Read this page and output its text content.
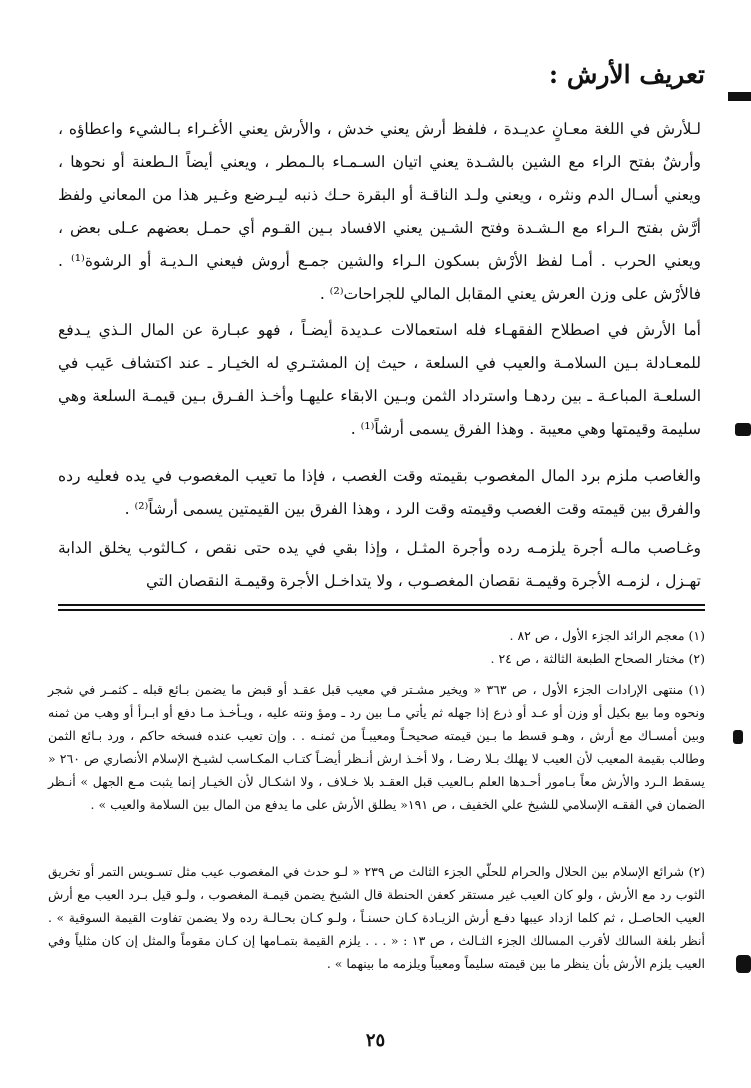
تعريف الأرش :
لـلأرش في اللغة معـانٍ عديـدة ، فلفظ أرش يعني خدش ، والأرش يعني الأغـراء بـالشيء واعطاؤه ، وأرشٌ بفتح الراء مع الشين بالشـدة يعني اتيان السـمـاء بالـمطر ، ويعني أيضاً الـطعنة أو نحوها ، ويعني أسـال الدم ونثره ، ويعني ولـد الناقـة أو البقرة حـك ذنبه ليـرضع وغـير هذا من المعاني ولفظ أرَّش بفتح الـراء مع الـشـدة وفتح الشـين يعني الافساد بـين القـوم أي حمـل بعضهم عـلى بعض ، ويعني الحرب . أمـا لفظ الأرْش بسكون الـراء والشين جمـع أروش فيعني الـديـة أو الرشوة⁽¹⁾ . فالأرْش على وزن العرش يعني المقابل المالي للجراحات⁽²⁾ .
أما الأرش في اصطلاح الفقهـاء فله استعمالات عـديدة أيضـاً ، فهو عبـارة عن المال الـذي يـدفع للمعـادلة بـين السلامـة والعيب في السلعة ، حيث إن المشتـري له الخيـار ـ عند اكتشاف عَيب في السلعـة المباعـة ـ بين ردهـا واسترداد الثمن وبـين الابقاء عليهـا وأخـذ الفـرق بـين قيمـة السلعة وهي سليمة وقيمتها وهي معيبة . وهذا الفرق يسمى أرشاً⁽¹⁾ .
والغاصب ملزم برد المال المغصوب بقيمته وقت الغصب ، فإذا ما تعيب المغصوب في يده فعليه رده والفرق بين قيمته وقت الغصب وقيمته وقت الرد ، وهذا الفرق بين القيمتين يسمى أرشاً⁽²⁾ .
وغـاصب مالـه أجرة يلزمـه رده وأجرة المثـل ، وإذا بقي في يده حتى نقص ، كـالثوب يخلق الدابة تهـزل ، لزمـه الأجرة وقيمـة نقصان المغصـوب ، ولا يتداخـل الأجرة وقيمـة النقصان التي
(١) معجم الرائد الجزء الأول ، ص ٨٢ .
(٢) مختار الصحاح الطبعة الثالثة ، ص ٢٤ .
(١) منتهى الإرادات الجزء الأول ، ص ٣٦٣ « ويخير مشـتر في معيب قبل عقـد أو قبض ما يضمن بـائع قبله ـ كثمـر في شجر ونحوه وما بيع بكيل أو وزن أو عـد أو ذرع إذا جهله ثم يأتي مـا بين رد ـ ومؤ ونته عليه ، ويـأخـذ مـا دفع أو ابـرأ أو وهب من ثمنه وبين أمسـاك مع أرش ، وهـو قسط ما بـين قيمته صحيحـاً ومعيبـاً من ثمنـه . . وإن تعيب عنده فسخه حاكم ، ورد بـائع الثمن وطالب بقيمة المعيب لأن العيب لا يهلك بـلا رضـا ، ولا أخـذ ارش أنـظر أيضـاً كتـاب المكـاسب لشيـخ الإسلام الأنصاري ص ٢٦٠ « يسقط الـرد والأرش معاً بـامور أحـدها العلم بـالعيب قبل العقـد بلا خـلاف ، ولا اشكـال لأن الخيـار إنما يثبت مـع الجهل » أنـظر الضمان في الفقـه الإسلامي للشيخ علي الخفيف ، ص ١٩١« يطلق الأرش على ما يدفع من المال بين السلامة والعيب » .
(٢) شرائع الإسلام بين الحلال والحرام للحلّي الجزء الثالث ص ٢٣٩ « لـو حدث في المغصوب عيب مثل تسـويس التمر أو تخريق الثوب رد مع الأرش ، ولو كان العيب غير مستقر كعفن الحنطة قال الشيخ يضمن قيمـة المغصوب ، ولـو قيل بـرد العيب مع أرش العيب الحاصـل ، ثم كلما ازداد عيبها دفـع أرش الزيـادة كـان حسنـاً ، ولـو كـان بحـالـة رده ولا يضمن تفاوت القيمة السوقية » . أنظر بلغة السالك لأقرب المسالك الجزء الثـالث ، ص ١٣ : « . . . يلزم القيمة بتمـامها إن كـان مقوماً والمثل إن كان مثلياً وفي العيب يلزم الأرش بأن ينظر ما بين قيمته سليماً ومعيباً ويلزمه ما بينهما » .
٢٥
